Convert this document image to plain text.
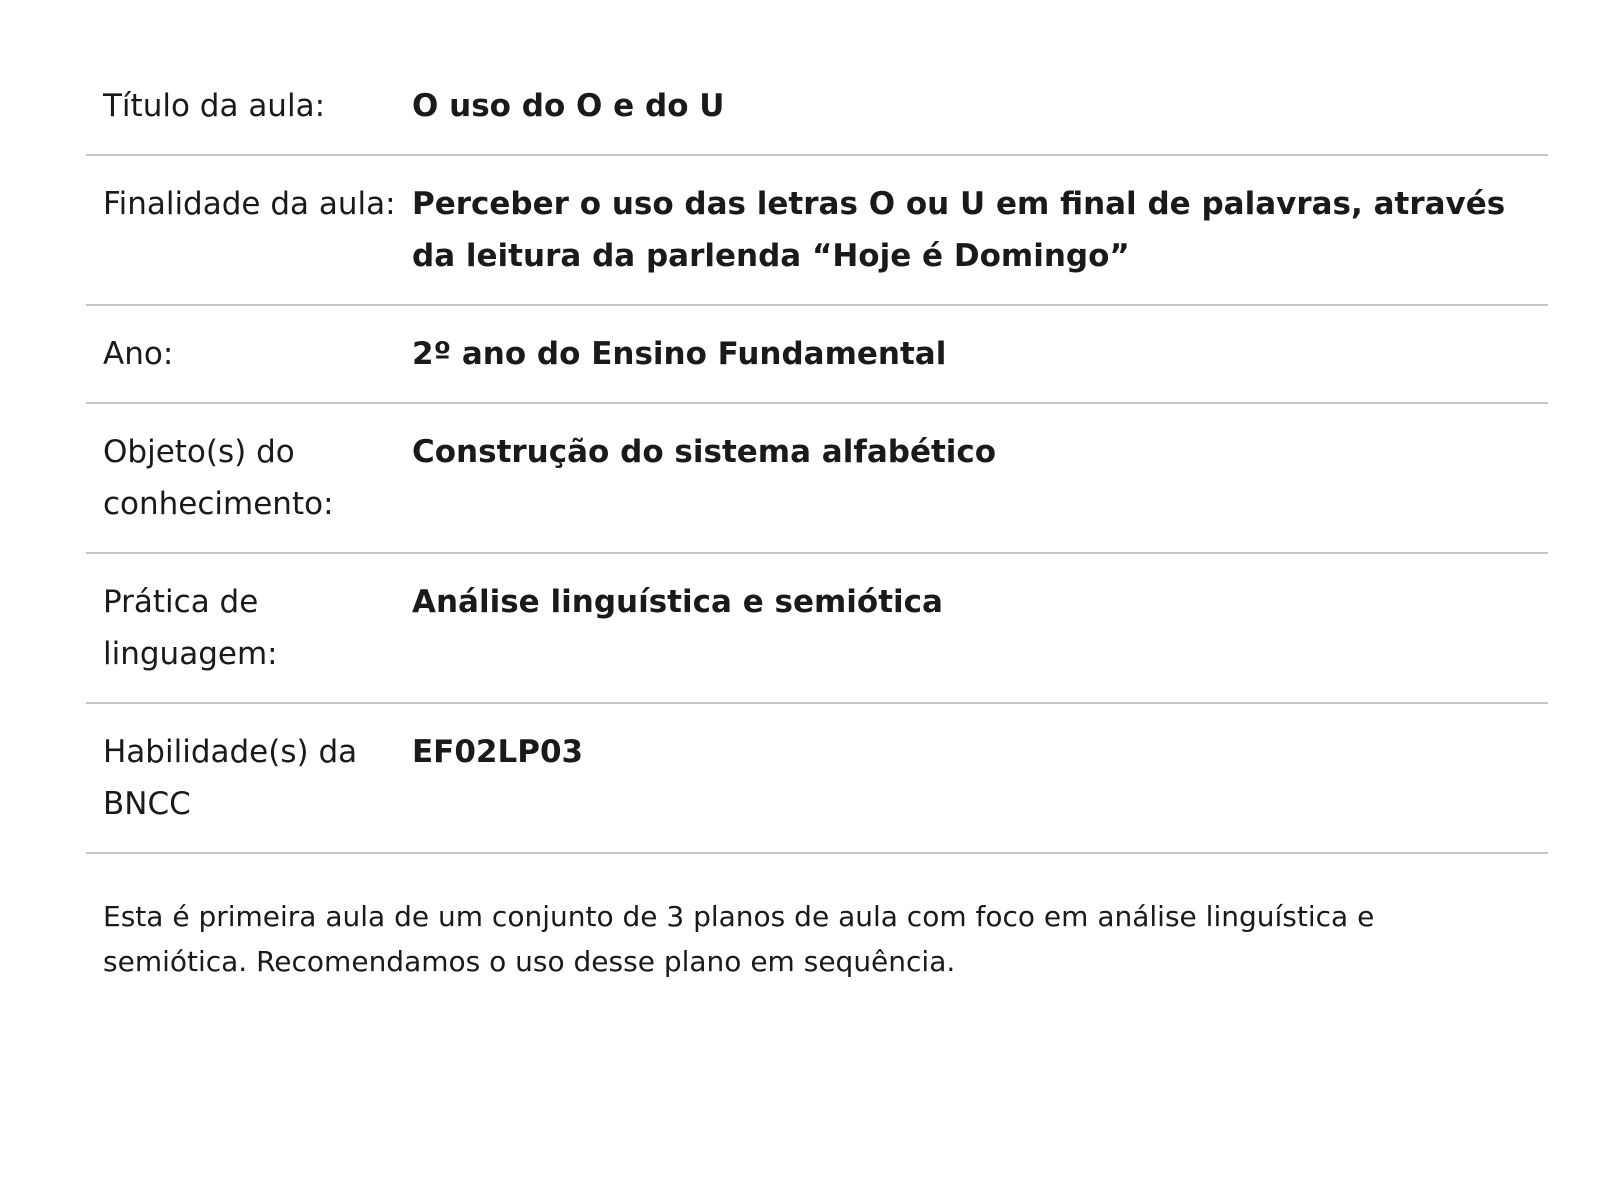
Título da aula:	O uso do O e do U
Finalidade da aula: Perceber o uso das letras O ou U em final de palavras, através da leitura da parlenda “Hoje é Domingo”
Ano:	2º ano do Ensino Fundamental
Objeto(s) do conhecimento:
Construção do sistema alfabético
Prática de linguagem:
Análise linguística e semiótica
Habilidade(s) da BNCC
EF02LP03

Esta é primeira aula de um conjunto de 3 planos de aula com foco em análise linguística e semiótica. Recomendamos o uso desse plano em sequência.
